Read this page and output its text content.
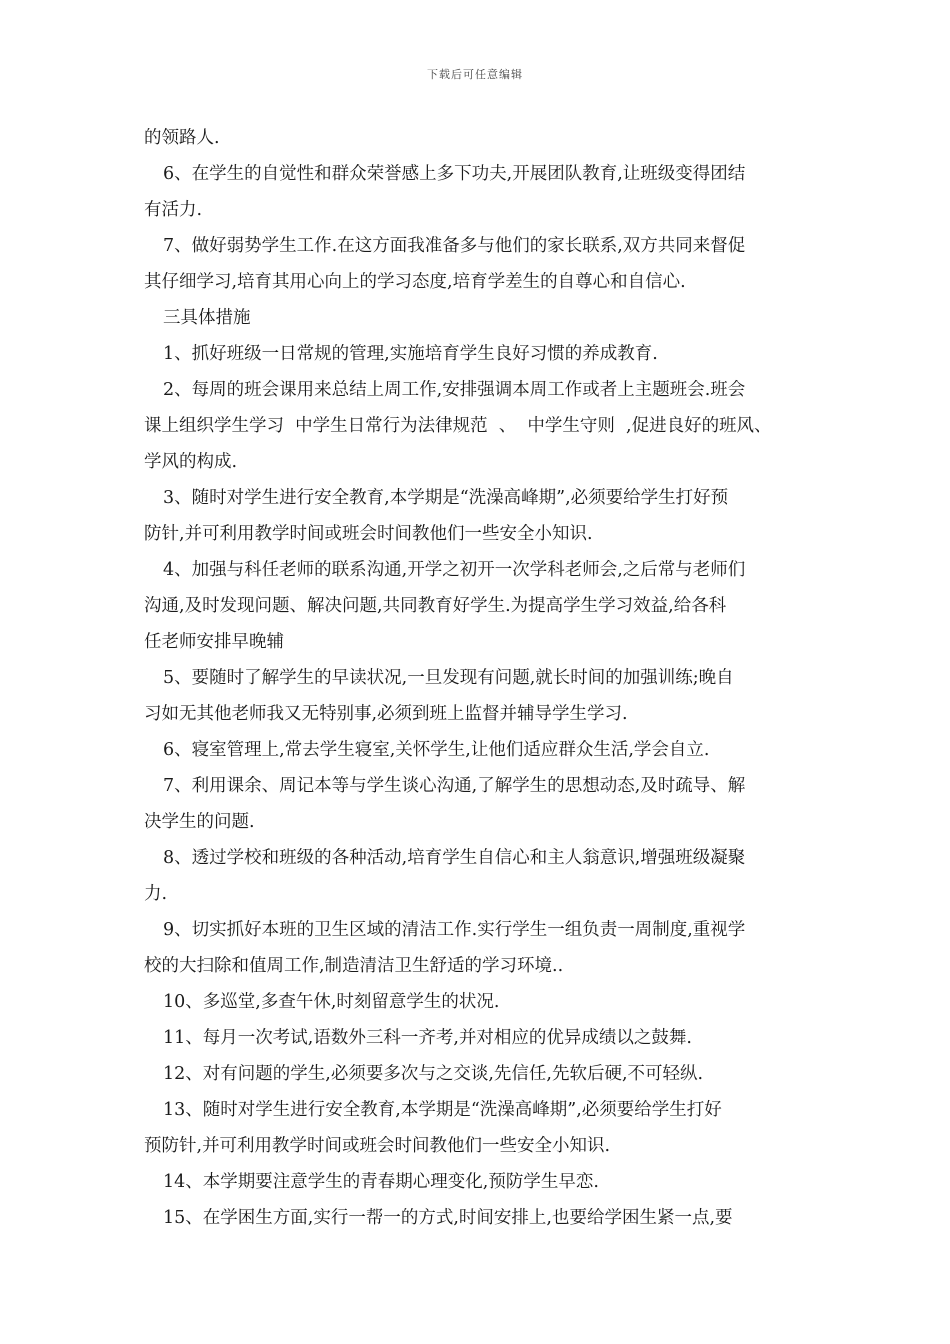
下载后可任意编辑
的领路人.
6、在学生的自觉性和群众荣誉感上多下功夫,开展团队教育,让班级变得团结
有活力.
7、做好弱势学生工作.在这方面我准备多与他们的家长联系,双方共同来督促
其仔细学习,培育其用心向上的学习态度,培育学差生的自尊心和自信心.
三具体措施
1、抓好班级一日常规的管理,实施培育学生良好习惯的养成教育.
2、每周的班会课用来总结上周工作,安排强调本周工作或者上主题班会.班会
课上组织学生学习  中学生日常行为法律规范  、  中学生守则  ,促进良好的班风、
学风的构成.
3、随时对学生进行安全教育,本学期是“洗澡高峰期”,必须要给学生打好预
防针,并可利用教学时间或班会时间教他们一些安全小知识.
4、加强与科任老师的联系沟通,开学之初开一次学科老师会,之后常与老师们
沟通,及时发现问题、解决问题,共同教育好学生.为提高学生学习效益,给各科
任老师安排早晚辅
5、要随时了解学生的早读状况,一旦发现有问题,就长时间的加强训练;晚自
习如无其他老师我又无特别事,必须到班上监督并辅导学生学习.
6、寝室管理上,常去学生寝室,关怀学生,让他们适应群众生活,学会自立.
7、利用课余、周记本等与学生谈心沟通,了解学生的思想动态,及时疏导、解
决学生的问题.
8、透过学校和班级的各种活动,培育学生自信心和主人翁意识,增强班级凝聚
力.
9、切实抓好本班的卫生区域的清洁工作.实行学生一组负责一周制度,重视学
校的大扫除和值周工作,制造清洁卫生舒适的学习环境..
10、多巡堂,多查午休,时刻留意学生的状况.
11、每月一次考试,语数外三科一齐考,并对相应的优异成绩以之鼓舞.
12、对有问题的学生,必须要多次与之交谈,先信任,先软后硬,不可轻纵.
13、随时对学生进行安全教育,本学期是“洗澡高峰期”,必须要给学生打好
预防针,并可利用教学时间或班会时间教他们一些安全小知识.
14、本学期要注意学生的青春期心理变化,预防学生早恋.
15、在学困生方面,实行一帮一的方式,时间安排上,也要给学困生紧一点,要
